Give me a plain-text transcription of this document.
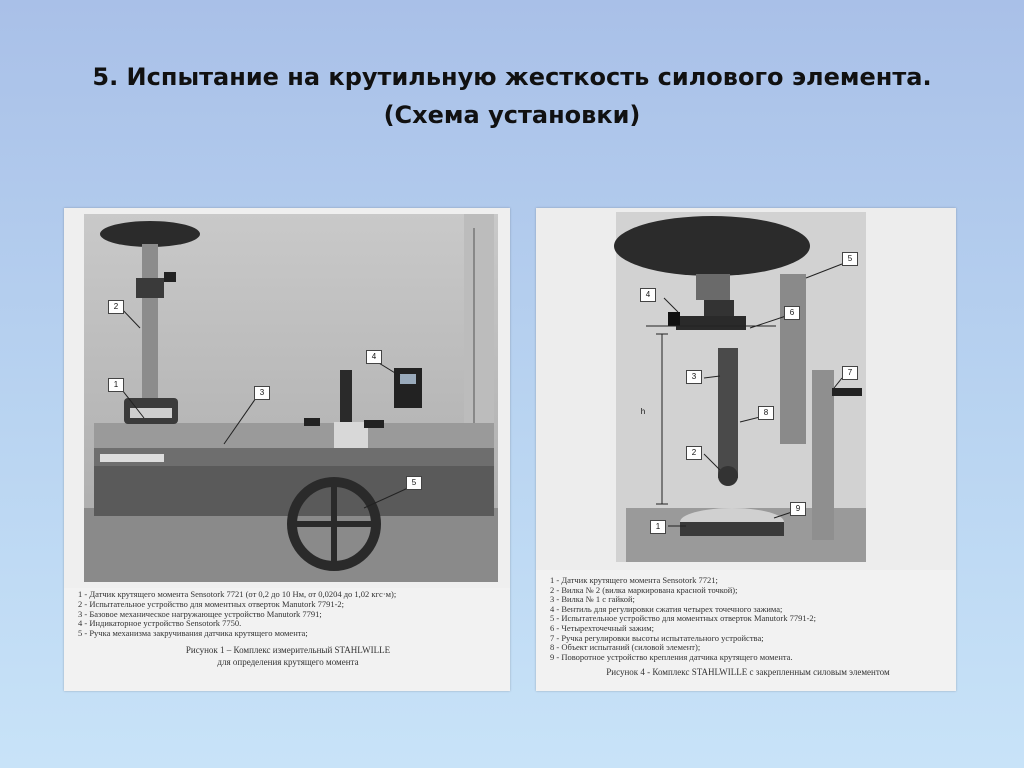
5. Испытание на крутильную жесткость силового элемента.
(Схема установки)
1
2
3
4
5
1 - Датчик крутящего момента Sensotork 7721 (от 0,2 до 10 Нм, от 0,0204 до 1,02 кгс·м);
2 - Испытательное устройство для моментных отверток Manutork 7791-2;
3 - Базовое механическое нагружающее устройство Manutork 7791;
4 - Индикаторное устройство Sensotork 7750.
5 - Ручка механизма закручивания датчика крутящего момента;
Рисунок 1 – Комплекс измерительный STAHLWILLE
для определения крутящего момента
1
2
3
4
5
6
7
8
9
h
1 - Датчик крутящего момента Sensotork 7721;
2 - Вилка № 2 (вилка маркирована красной точкой);
3 - Вилка № 1 с гайкой;
4 - Вентиль для регулировки сжатия четырех точечного зажима;
5 - Испытательное устройство для моментных отверток Manutork 7791-2;
6 - Четырехточечный зажим;
7 - Ручка регулировки высоты испытательного устройства;
8 - Объект испытаний (силовой элемент);
9 - Поворотное устройство крепления датчика крутящего момента.
Рисунок 4 - Комплекс STAHLWILLE с закрепленным силовым элементом
